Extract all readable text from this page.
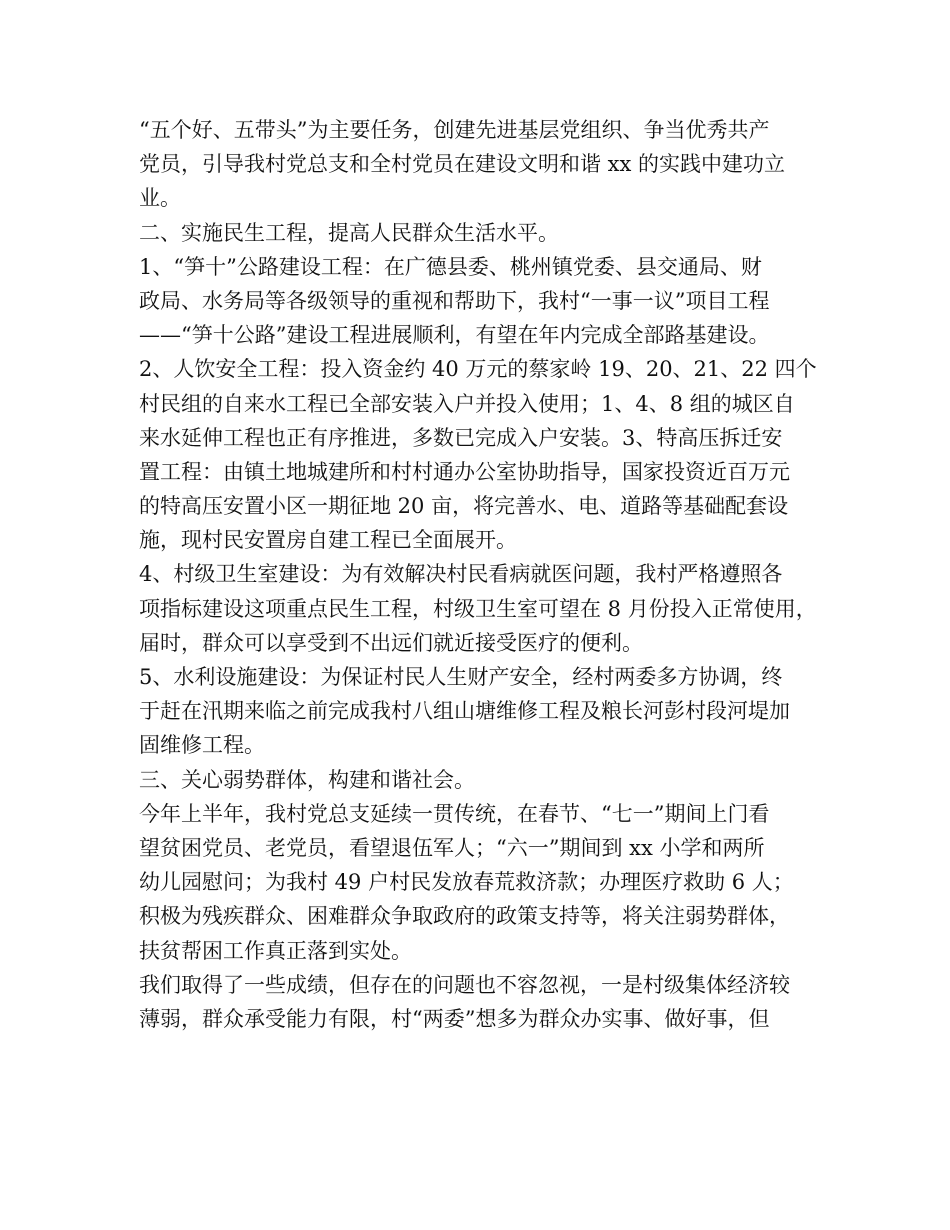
“五个好、五带头”为主要任务，创建先进基层党组织、争当优秀共产
党员，引导我村党总支和全村党员在建设文明和谐 xx 的实践中建功立
业。
二、实施民生工程，提高人民群众生活水平。
1、“笋十”公路建设工程：在广德县委、桃州镇党委、县交通局、财
政局、水务局等各级领导的重视和帮助下，我村“一事一议”项目工程
——“笋十公路”建设工程进展顺利，有望在年内完成全部路基建设。
2、人饮安全工程：投入资金约 40 万元的蔡家岭 19、20、21、22 四个
村民组的自来水工程已全部安装入户并投入使用；1、4、8 组的城区自
来水延伸工程也正有序推进，多数已完成入户安装。3、特高压拆迁安
置工程：由镇土地城建所和村村通办公室协助指导，国家投资近百万元
的特高压安置小区一期征地 20 亩，将完善水、电、道路等基础配套设
施，现村民安置房自建工程已全面展开。
4、村级卫生室建设：为有效解决村民看病就医问题，我村严格遵照各
项指标建设这项重点民生工程，村级卫生室可望在 8 月份投入正常使用，
届时，群众可以享受到不出远们就近接受医疗的便利。
5、水利设施建设：为保证村民人生财产安全，经村两委多方协调，终
于赶在汛期来临之前完成我村八组山塘维修工程及粮长河彭村段河堤加
固维修工程。
三、关心弱势群体，构建和谐社会。
今年上半年，我村党总支延续一贯传统，在春节、“七一”期间上门看
望贫困党员、老党员，看望退伍军人；“六一”期间到 xx 小学和两所
幼儿园慰问；为我村 49 户村民发放春荒救济款；办理医疗救助 6 人；
积极为残疾群众、困难群众争取政府的政策支持等，将关注弱势群体，
扶贫帮困工作真正落到实处。
我们取得了一些成绩，但存在的问题也不容忽视，一是村级集体经济较
薄弱，群众承受能力有限，村“两委”想多为群众办实事、做好事，但
